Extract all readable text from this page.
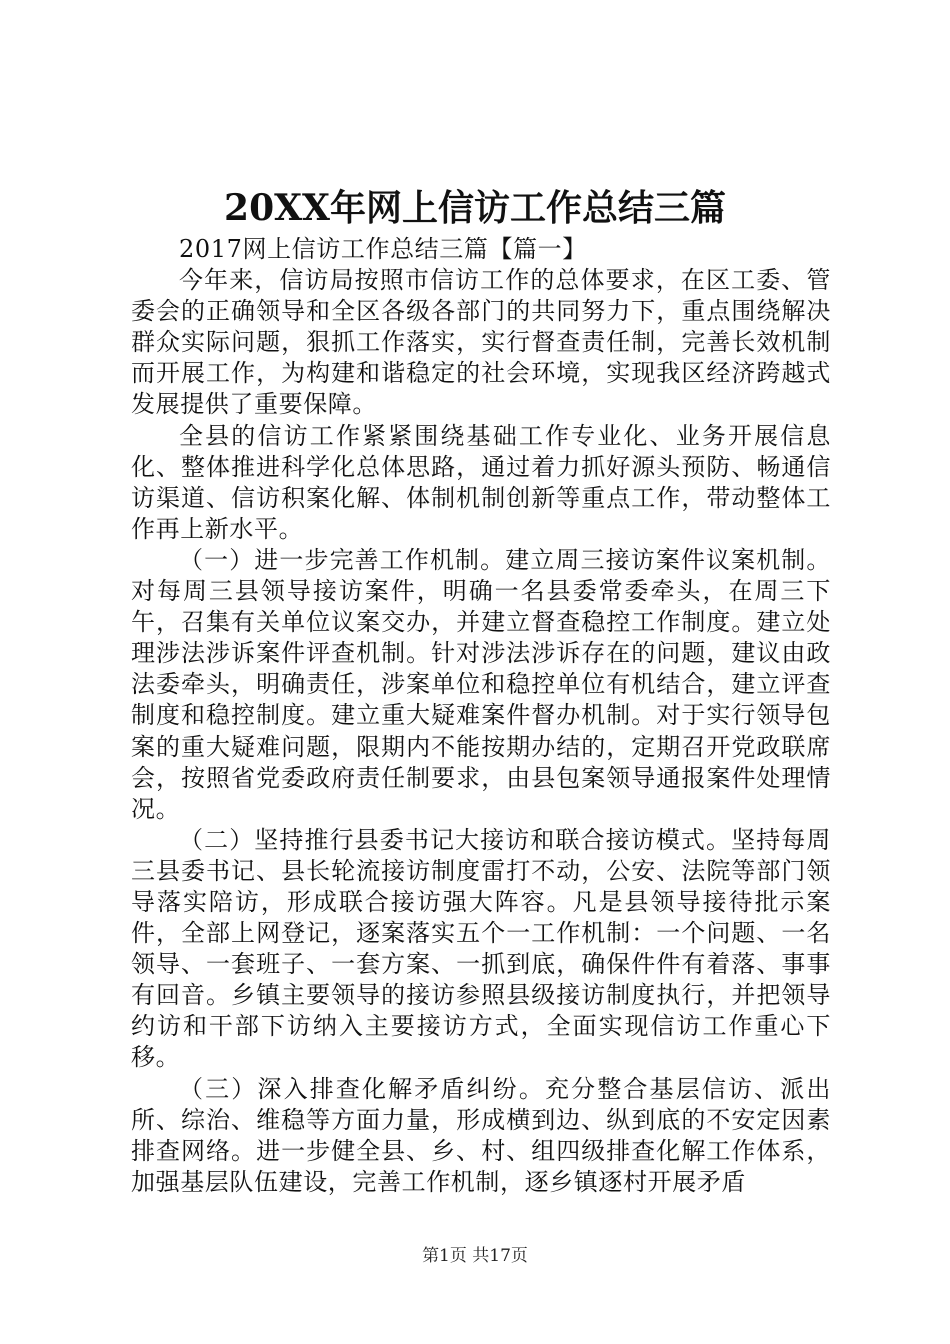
20XX年网上信访工作总结三篇

2017网上信访工作总结三篇【篇一】

今年来，信访局按照市信访工作的总体要求，在区工委、管委会的正确领导和全区各级各部门的共同努力下，重点围绕解决群众实际问题，狠抓工作落实，实行督查责任制，完善长效机制而开展工作，为构建和谐稳定的社会环境，实现我区经济跨越式发展提供了重要保障。

全县的信访工作紧紧围绕基础工作专业化、业务开展信息化、整体推进科学化总体思路，通过着力抓好源头预防、畅通信访渠道、信访积案化解、体制机制创新等重点工作，带动整体工作再上新水平。

（一）进一步完善工作机制。建立周三接访案件议案机制。对每周三县领导接访案件，明确一名县委常委牵头，在周三下午，召集有关单位议案交办，并建立督查稳控工作制度。建立处理涉法涉诉案件评查机制。针对涉法涉诉存在的问题，建议由政法委牵头，明确责任，涉案单位和稳控单位有机结合，建立评查制度和稳控制度。建立重大疑难案件督办机制。对于实行领导包案的重大疑难问题，限期内不能按期办结的，定期召开党政联席会，按照省党委政府责任制要求，由县包案领导通报案件处理情况。

（二）坚持推行县委书记大接访和联合接访模式。坚持每周三县委书记、县长轮流接访制度雷打不动，公安、法院等部门领导落实陪访，形成联合接访强大阵容。凡是县领导接待批示案件，全部上网登记，逐案落实五个一工作机制：一个问题、一名领导、一套班子、一套方案、一抓到底，确保件件有着落、事事有回音。乡镇主要领导的接访参照县级接访制度执行，并把领导约访和干部下访纳入主要接访方式，全面实现信访工作重心下移。

（三）深入排查化解矛盾纠纷。充分整合基层信访、派出所、综治、维稳等方面力量，形成横到边、纵到底的不安定因素排查网络。进一步健全县、乡、村、组四级排查化解工作体系，加强基层队伍建设，完善工作机制，逐乡镇逐村开展矛盾

第1页 共17页
